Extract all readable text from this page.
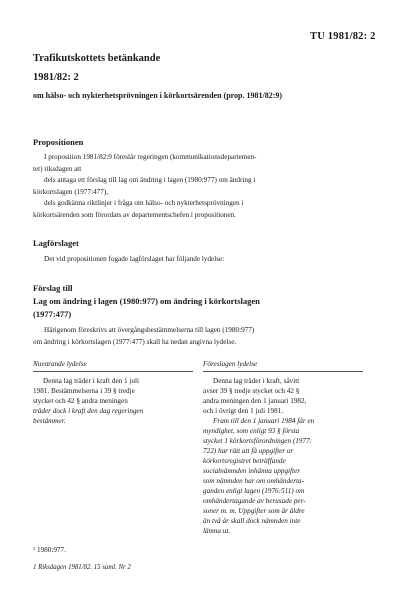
TU 1981/82: 2
Trafikutskottets betänkande
1981/82: 2
om hälso- och nykterhetsprövningen i körkortsärenden (prop. 1981/82:9)
Propositionen
I proposition 1981/82:9 föreslår regeringen (kommunikationsdepartemen-
tet) riksdagen att
dels antaga ett förslag till lag om ändring i lagen (1980:977) om ändring i
körkortslagen (1977:477),
dels godkänna riktlinjer i fråga om hälso- och nykterhetsprövningen i
körkortsärenden som förordats av departementschefen i propositionen.
Lagförslaget
Det vid propositionen fogade lagförslaget har följande lydelse:
Förslag till
Lag om ändring i lagen (1980:977) om ändring i körkortslagen
(1977:477)
Härigenom föreskrivs att övergångsbestämmelserna till lagen (1980:977)
om ändring i körkortslagen (1977:477) skall ha nedan angivna lydelse.
Nuvarande lydelse	Föreslagen lydelse
Denna lag träder i kraft den 1 juli
1981. Bestämmelserna i 39 § tredje
stycket och 42 § andra meningen
träder dock i kraft den dag regeringen
bestämmer.
Denna lag träder i kraft, såvitt
avser 39 § tredje stycket och 42 §
andra meningen den 1 januari 1982,
och i övrigt den 1 juli 1981.
Fram till den 1 januari 1984 får en
myndighet, som enligt 93 § första
stycket 1 körkortsförordningen (1977:
722) har rätt att få uppgifter ur
körkortsregistret beträffande
socialnämnden inhämta uppgifter
som nämnden har om omhänderta-
ganden enligt lagen (1976:511) om
omhändertagande av berusade per-
soner m. m. Uppgifter som är äldre
än två år skall dock nämnden inte
lämna ut.
¹ 1980:977.
1 Riksdagen 1981/82. 15 saml. Nr 2
